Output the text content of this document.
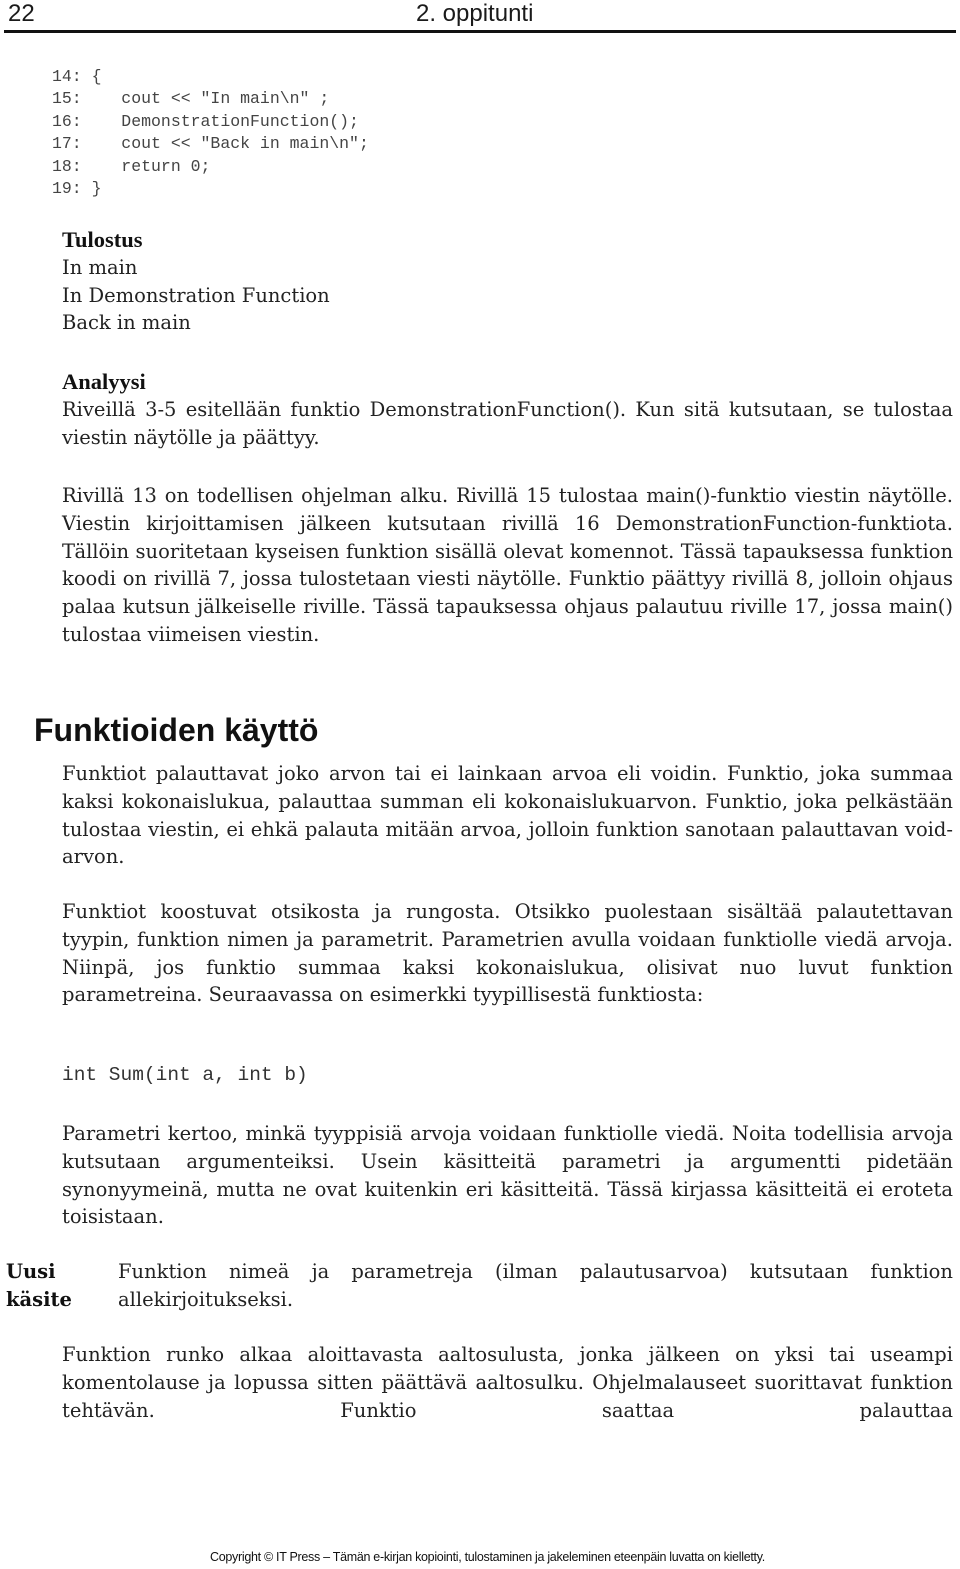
22	2. oppitunti
14: {
15:    cout << "In main\n" ;
16:    DemonstrationFunction();
17:    cout << "Back in main\n";
18:    return 0;
19: }
Tulostus
In main
In Demonstration Function
Back in main
Analyysi

Riveillä 3-5 esitellään funktio DemonstrationFunction(). Kun sitä kutsutaan, se tulostaa viestin näytölle ja päättyy.

Rivillä 13 on todellisen ohjelman alku. Rivillä 15 tulostaa main()-funktio viestin näytölle. Viestin kirjoittamisen jälkeen kutsutaan rivillä 16 DemonstrationFunction-funktiota. Tällöin suoritetaan kyseisen funktion sisällä olevat komennot. Tässä tapauksessa funktion koodi on rivillä 7, jossa tulostetaan viesti näytölle. Funktio päättyy rivillä 8, jolloin ohjaus palaa kutsun jälkeiselle riville. Tässä tapauksessa ohjaus palautuu riville 17, jossa main() tulostaa viimeisen viestin.
Funktioiden käyttö
Funktiot palauttavat joko arvon tai ei lainkaan arvoa eli voidin. Funktio, joka summaa kaksi kokonaislukua, palauttaa summan eli kokonaislukuarvon. Funktio, joka pelkästään tulostaa viestin, ei ehkä palauta mitään arvoa, jolloin funktion sanotaan palauttavan void-arvon.
Funktiot koostuvat otsikosta ja rungosta. Otsikko puolestaan sisältää palautettavan tyypin, funktion nimen ja parametrit. Parametrien avulla voidaan funktiolle viedä arvoja. Niinpä, jos funktio summaa kaksi kokonaislukua, olisivat nuo luvut funktion parametreina. Seuraavassa on esimerkki tyypillisestä funktiosta:
int Sum(int a, int b)
Parametri kertoo, minkä tyyppisiä arvoja voidaan funktiolle viedä. Noita todellisia arvoja kutsutaan argumenteiksi. Usein käsitteitä parametri ja argumentti pidetään synonyymeinä, mutta ne ovat kuitenkin eri käsitteitä. Tässä kirjassa käsitteitä ei eroteta toisistaan.
Uusi
käsite
Funktion nimeä ja parametreja (ilman palautusarvoa) kutsutaan funktion allekirjoitukseksi.
Funktion runko alkaa aloittavasta aaltosulusta, jonka jälkeen on yksi tai useampi komentolause ja lopussa sitten päättävä aaltosulku. Ohjelmalauseet suorittavat funktion tehtävän. Funktio saattaa palauttaa
Copyright © IT Press – Tämän e-kirjan kopiointi, tulostaminen ja jakeleminen eteenpäin luvatta on kielletty.
